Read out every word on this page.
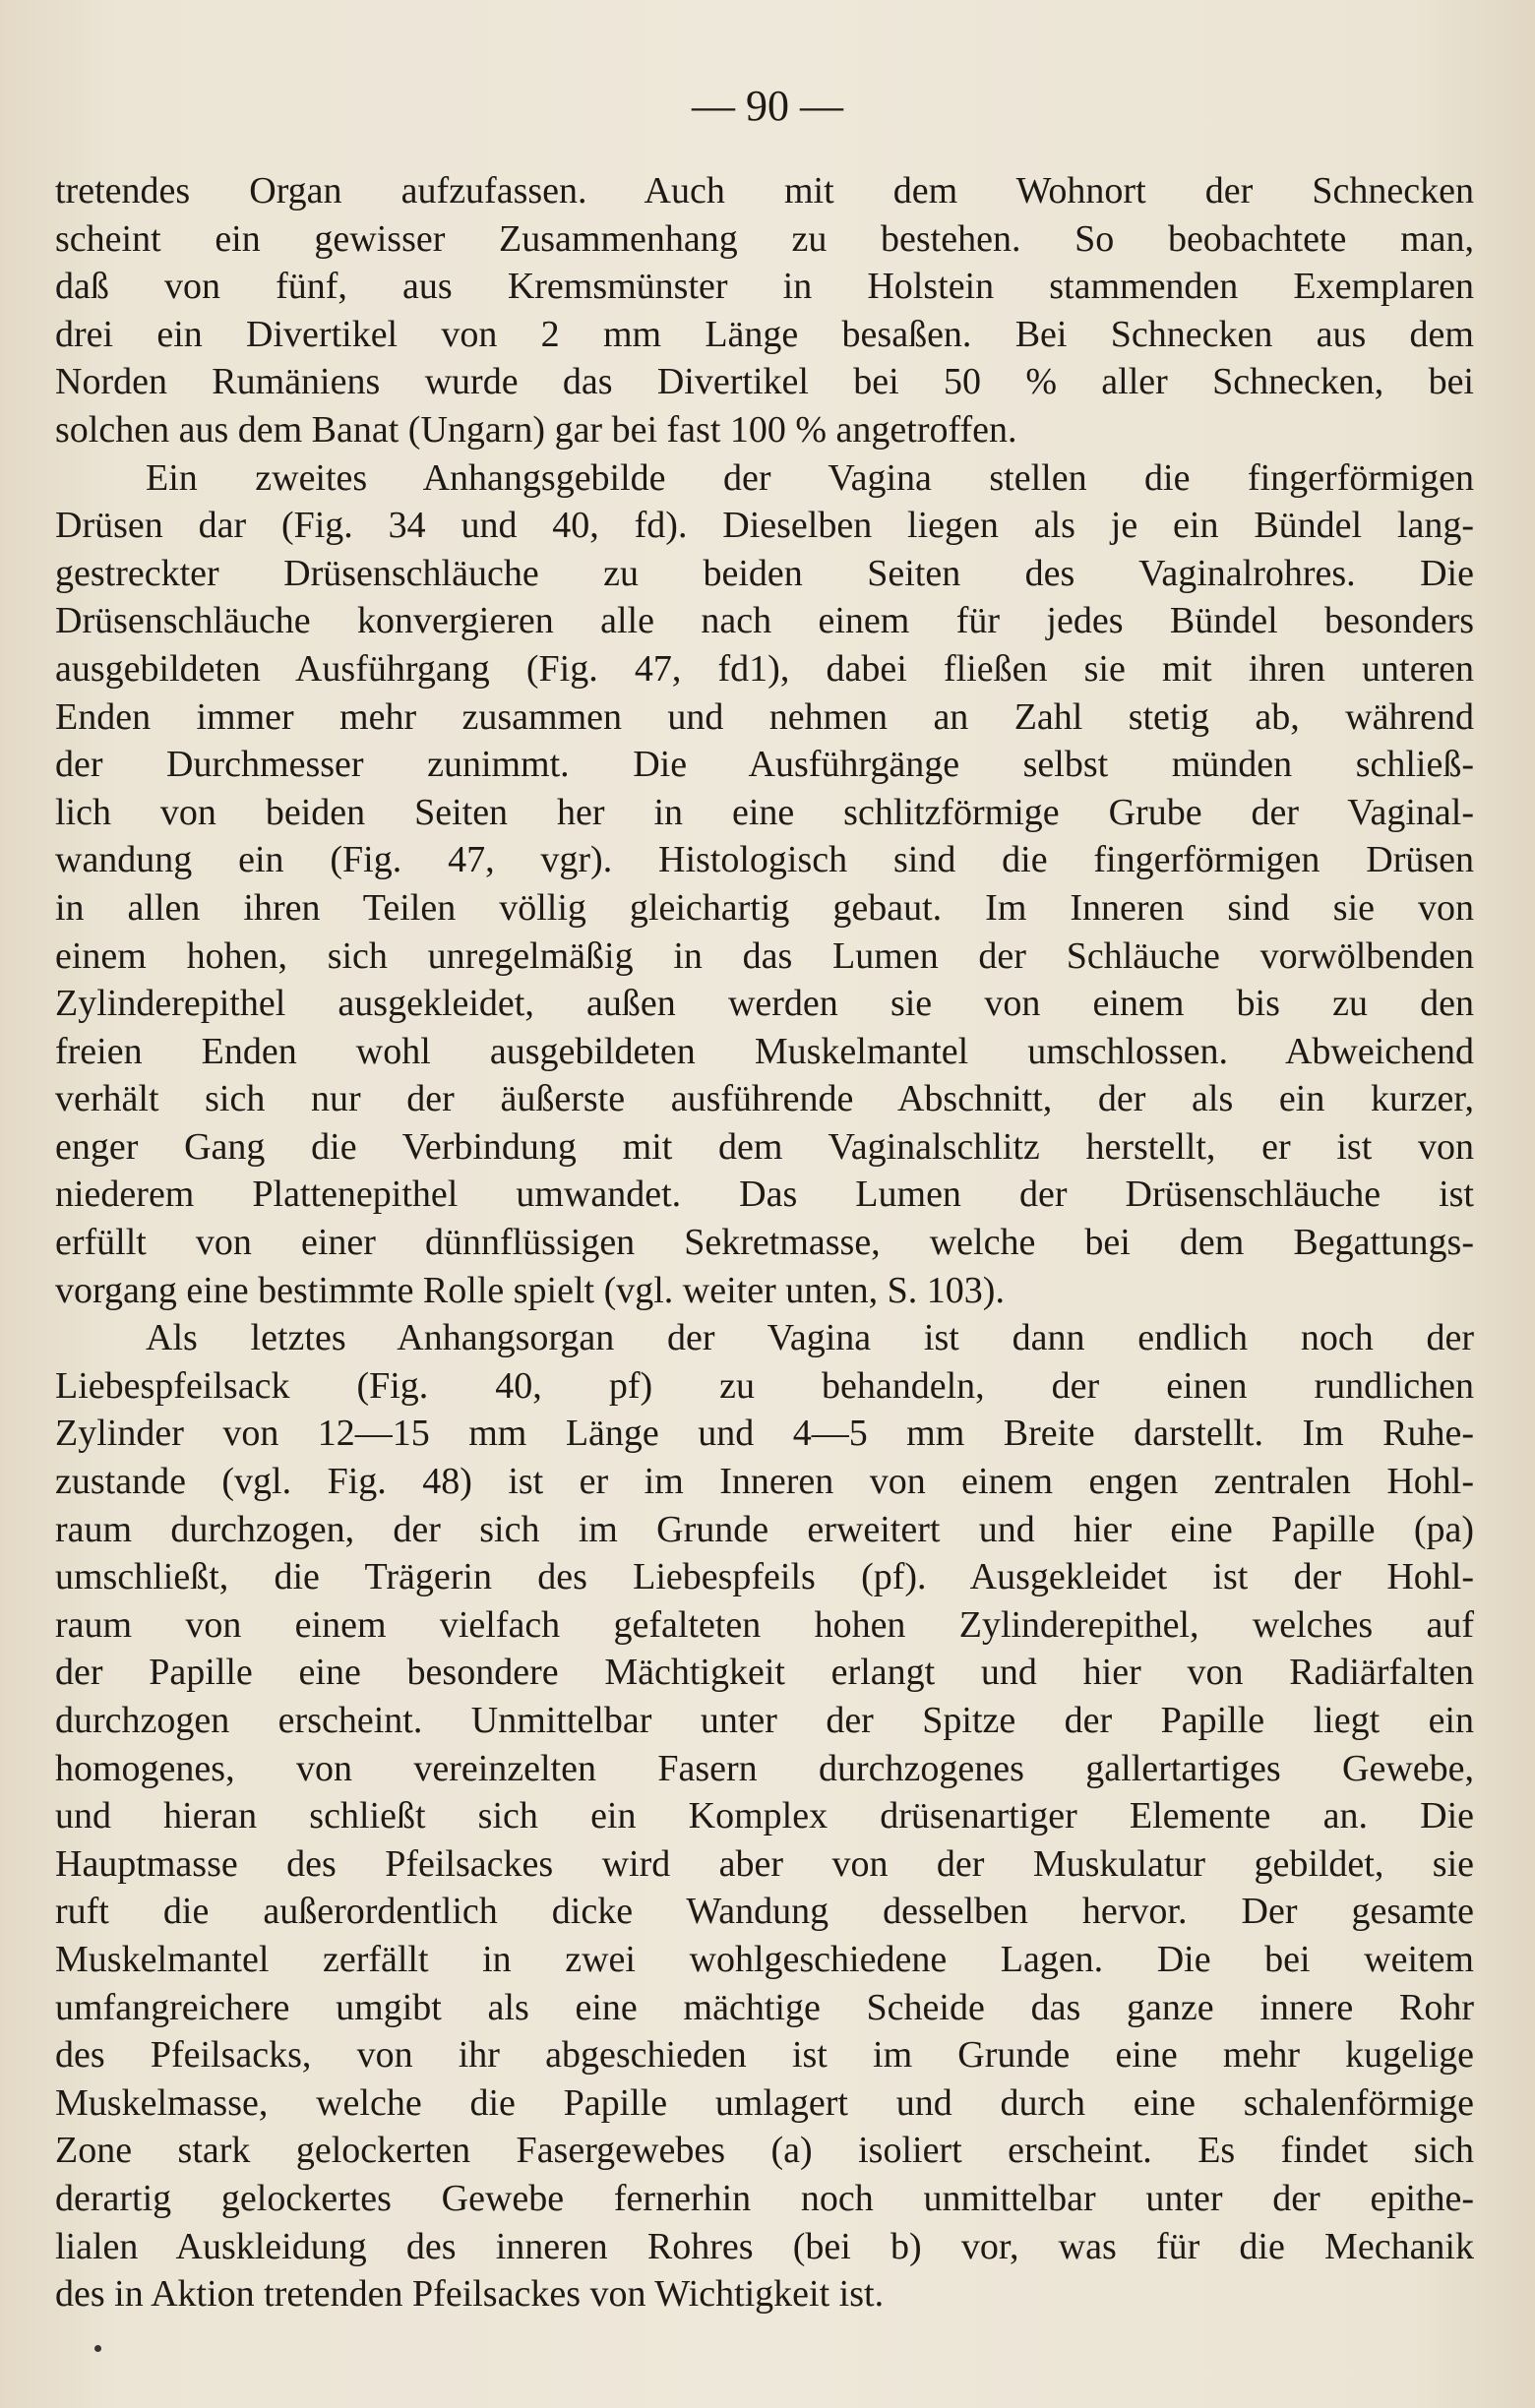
— 90 —
tretendes Organ aufzufassen. Auch mit dem Wohnort der Schnecken
scheint ein gewisser Zusammenhang zu bestehen. So beobachtete man,
daß von fünf, aus Kremsmünster in Holstein stammenden Exemplaren
drei ein Divertikel von 2 mm Länge besaßen. Bei Schnecken aus dem
Norden Rumäniens wurde das Divertikel bei 50 % aller Schnecken, bei
solchen aus dem Banat (Ungarn) gar bei fast 100 % angetroffen.
Ein zweites Anhangsgebilde der Vagina stellen die fingerförmigen
Drüsen dar (Fig. 34 und 40, fd). Dieselben liegen als je ein Bündel lang-
gestreckter Drüsenschläuche zu beiden Seiten des Vaginalrohres. Die
Drüsenschläuche konvergieren alle nach einem für jedes Bündel besonders
ausgebildeten Ausführgang (Fig. 47, fd1), dabei fließen sie mit ihren unteren
Enden immer mehr zusammen und nehmen an Zahl stetig ab, während
der Durchmesser zunimmt. Die Ausführgänge selbst münden schließ-
lich von beiden Seiten her in eine schlitzförmige Grube der Vaginal-
wandung ein (Fig. 47, vgr). Histologisch sind die fingerförmigen Drüsen
in allen ihren Teilen völlig gleichartig gebaut. Im Inneren sind sie von
einem hohen, sich unregelmäßig in das Lumen der Schläuche vorwölbenden
Zylinderepithel ausgekleidet, außen werden sie von einem bis zu den
freien Enden wohl ausgebildeten Muskelmantel umschlossen. Abweichend
verhält sich nur der äußerste ausführende Abschnitt, der als ein kurzer,
enger Gang die Verbindung mit dem Vaginalschlitz herstellt, er ist von
niederem Plattenepithel umwandet. Das Lumen der Drüsenschläuche ist
erfüllt von einer dünnflüssigen Sekretmasse, welche bei dem Begattungs-
vorgang eine bestimmte Rolle spielt (vgl. weiter unten, S. 103).
Als letztes Anhangsorgan der Vagina ist dann endlich noch der
Liebespfeilsack (Fig. 40, pf) zu behandeln, der einen rundlichen
Zylinder von 12—15 mm Länge und 4—5 mm Breite darstellt. Im Ruhe-
zustande (vgl. Fig. 48) ist er im Inneren von einem engen zentralen Hohl-
raum durchzogen, der sich im Grunde erweitert und hier eine Papille (pa)
umschließt, die Trägerin des Liebespfeils (pf). Ausgekleidet ist der Hohl-
raum von einem vielfach gefalteten hohen Zylinderepithel, welches auf
der Papille eine besondere Mächtigkeit erlangt und hier von Radiärfalten
durchzogen erscheint. Unmittelbar unter der Spitze der Papille liegt ein
homogenes, von vereinzelten Fasern durchzogenes gallertartiges Gewebe,
und hieran schließt sich ein Komplex drüsenartiger Elemente an. Die
Hauptmasse des Pfeilsackes wird aber von der Muskulatur gebildet, sie
ruft die außerordentlich dicke Wandung desselben hervor. Der gesamte
Muskelmantel zerfällt in zwei wohlgeschiedene Lagen. Die bei weitem
umfangreichere umgibt als eine mächtige Scheide das ganze innere Rohr
des Pfeilsacks, von ihr abgeschieden ist im Grunde eine mehr kugelige
Muskelmasse, welche die Papille umlagert und durch eine schalenförmige
Zone stark gelockerten Fasergewebes (a) isoliert erscheint. Es findet sich
derartig gelockertes Gewebe fernerhin noch unmittelbar unter der epithe-
lialen Auskleidung des inneren Rohres (bei b) vor, was für die Mechanik
des in Aktion tretenden Pfeilsackes von Wichtigkeit ist.
